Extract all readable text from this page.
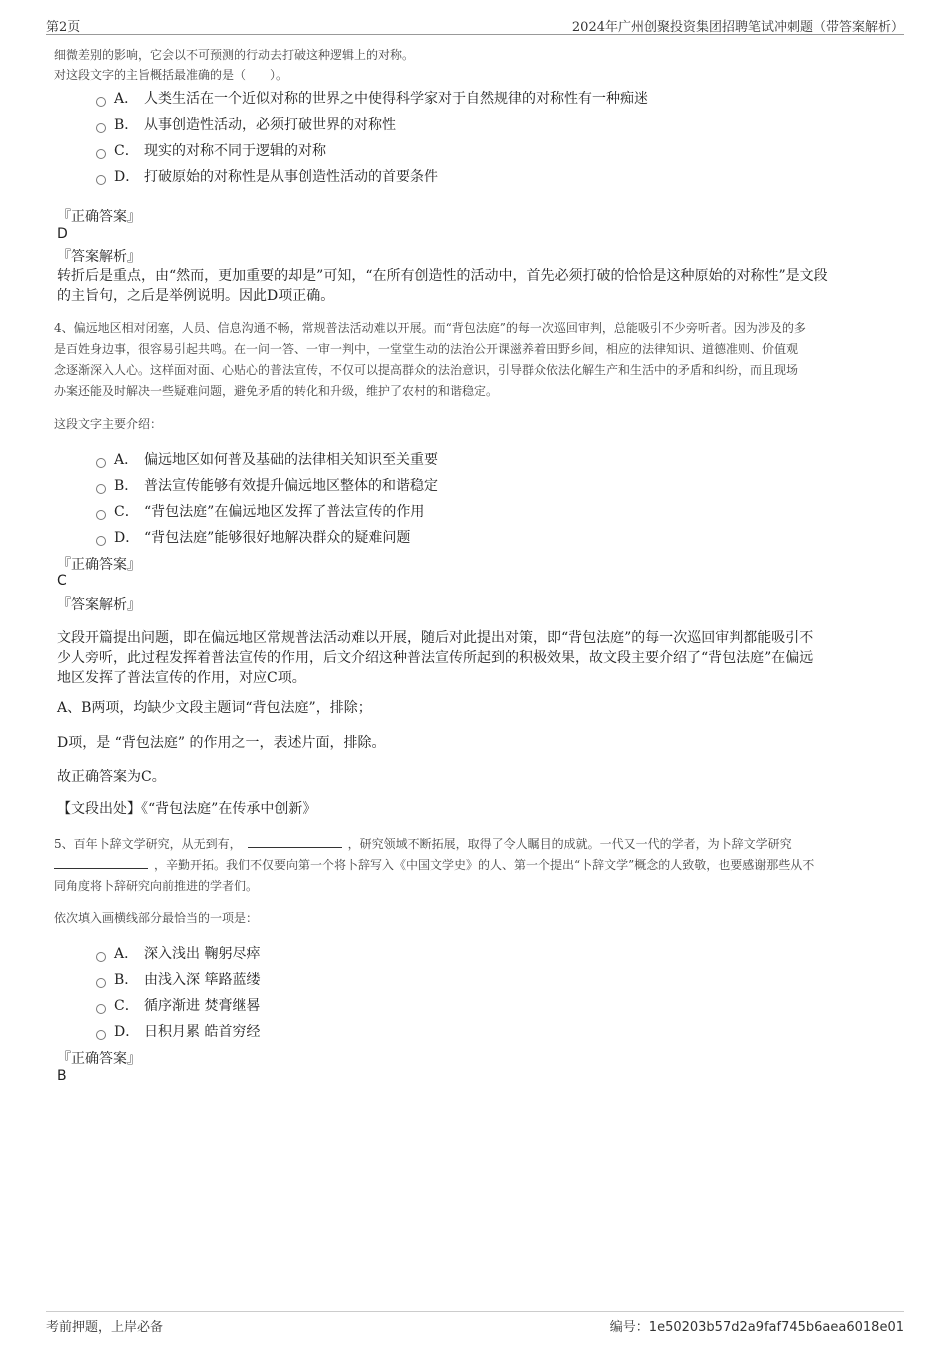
第2页	2024年广州创聚投资集团招聘笔试冲刺题（带答案解析）
细微差别的影响，它会以不可预测的行动去打破这种逻辑上的对称。
对这段文字的主旨概括最准确的是（　　）。
A． 人类生活在一个近似对称的世界之中使得科学家对于自然规律的对称性有一种痴迷
B． 从事创造性活动，必须打破世界的对称性
C． 现实的对称不同于逻辑的对称
D． 打破原始的对称性是从事创造性活动的首要条件
『正确答案』
D
『答案解析』
转折后是重点，由“然而，更加重要的却是”可知，“在所有创造性的活动中，首先必须打破的恰恰是这种原始的对称性”是文段
的主旨句，之后是举例说明。因此D项正确。
4、偏远地区相对闭塞，人员、信息沟通不畅，常规普法活动难以开展。而“背包法庭”的每一次巡回审判，总能吸引不少旁听者。因为涉及的多
是百姓身边事，很容易引起共鸣。在一问一答、一审一判中，一堂堂生动的法治公开课滋养着田野乡间，相应的法律知识、道德准则、价值观
念逐渐深入人心。这样面对面、心贴心的普法宣传，不仅可以提高群众的法治意识，引导群众依法化解生产和生活中的矛盾和纠纷，而且现场
办案还能及时解决一些疑难问题，避免矛盾的转化和升级，维护了农村的和谐稳定。
这段文字主要介绍：
A． 偏远地区如何普及基础的法律相关知识至关重要
B． 普法宣传能够有效提升偏远地区整体的和谐稳定
C． “背包法庭”在偏远地区发挥了普法宣传的作用
D． “背包法庭”能够很好地解决群众的疑难问题
『正确答案』
C
『答案解析』
文段开篇提出问题，即在偏远地区常规普法活动难以开展，随后对此提出对策，即“背包法庭”的每一次巡回审判都能吸引不
少人旁听，此过程发挥着普法宣传的作用，后文介绍这种普法宣传所起到的积极效果，故文段主要介绍了“背包法庭”在偏远
地区发挥了普法宣传的作用，对应C项。
A、B两项，均缺少文段主题词“背包法庭”，排除；
D项，是 “背包法庭” 的作用之一，表述片面，排除。
故正确答案为C。
【文段出处】《“背包法庭”在传承中创新》
5、百年卜辞文学研究，从无到有，	，研究领域不断拓展，取得了令人瞩目的成就。一代又一代的学者，为卜辞文学研究
，辛勤开拓。我们不仅要向第一个将卜辞写入《中国文学史》的人、第一个提出“卜辞文学”概念的人致敬，也要感谢那些从不
同角度将卜辞研究向前推进的学者们。
依次填入画横线部分最恰当的一项是：
A． 深入浅出 鞠躬尽瘁
B． 由浅入深 筚路蓝缕
C． 循序渐进 焚膏继晷
D． 日积月累 皓首穷经
『正确答案』
B
考前押题，上岸必备	编号：1e50203b57d2a9faf745b6aea6018e01
